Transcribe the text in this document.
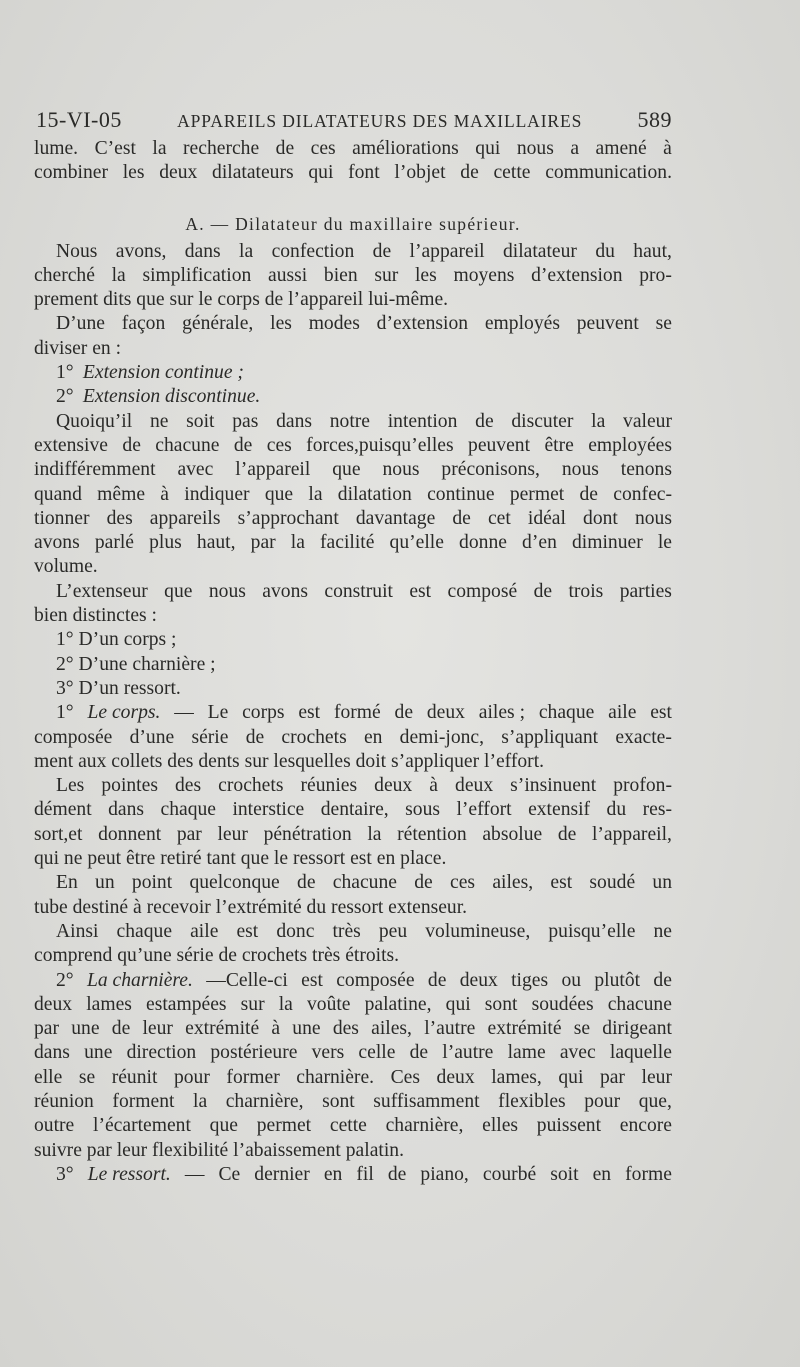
15-VI-05	APPAREILS DILATATEURS DES MAXILLAIRES	589
lume. C’est la recherche de ces améliorations qui nous a amené à
combiner les deux dilatateurs qui font l’objet de cette communication.
A. — Dilatateur du maxillaire supérieur.
Nous avons, dans la confection de l’appareil dilatateur du haut,
cherché la simplification aussi bien sur les moyens d’extension pro-
prement dits que sur le corps de l’appareil lui-même.
D’une façon générale, les modes d’extension employés peuvent se
diviser en :
1° Extension continue ;
2° Extension discontinue.
Quoiqu’il ne soit pas dans notre intention de discuter la valeur
extensive de chacune de ces forces,puisqu’elles peuvent être employées
indifféremment avec l’appareil que nous préconisons, nous tenons
quand même à indiquer que la dilatation continue permet de confec-
tionner des appareils s’approchant davantage de cet idéal dont nous
avons parlé plus haut, par la facilité qu’elle donne d’en diminuer le
volume.
L’extenseur que nous avons construit est composé de trois parties
bien distinctes :
1° D’un corps ;
2° D’une charnière ;
3° D’un ressort.
1° Le corps. — Le corps est formé de deux ailes ; chaque aile est
composée d’une série de crochets en demi-jonc, s’appliquant exacte-
ment aux collets des dents sur lesquelles doit s’appliquer l’effort.
Les pointes des crochets réunies deux à deux s’insinuent profon-
dément dans chaque interstice dentaire, sous l’effort extensif du res-
sort,et donnent par leur pénétration la rétention absolue de l’appareil,
qui ne peut être retiré tant que le ressort est en place.
En un point quelconque de chacune de ces ailes, est soudé un
tube destiné à recevoir l’extrémité du ressort extenseur.
Ainsi chaque aile est donc très peu volumineuse, puisqu’elle ne
comprend qu’une série de crochets très étroits.
2° La charnière. —Celle-ci est composée de deux tiges ou plutôt de
deux lames estampées sur la voûte palatine, qui sont soudées chacune
par une de leur extrémité à une des ailes, l’autre extrémité se dirigeant
dans une direction postérieure vers celle de l’autre lame avec laquelle
elle se réunit pour former charnière. Ces deux lames, qui par leur
réunion forment la charnière, sont suffisamment flexibles pour que,
outre l’écartement que permet cette charnière, elles puissent encore
suivre par leur flexibilité l’abaissement palatin.
3° Le ressort. — Ce dernier en fil de piano, courbé soit en forme
